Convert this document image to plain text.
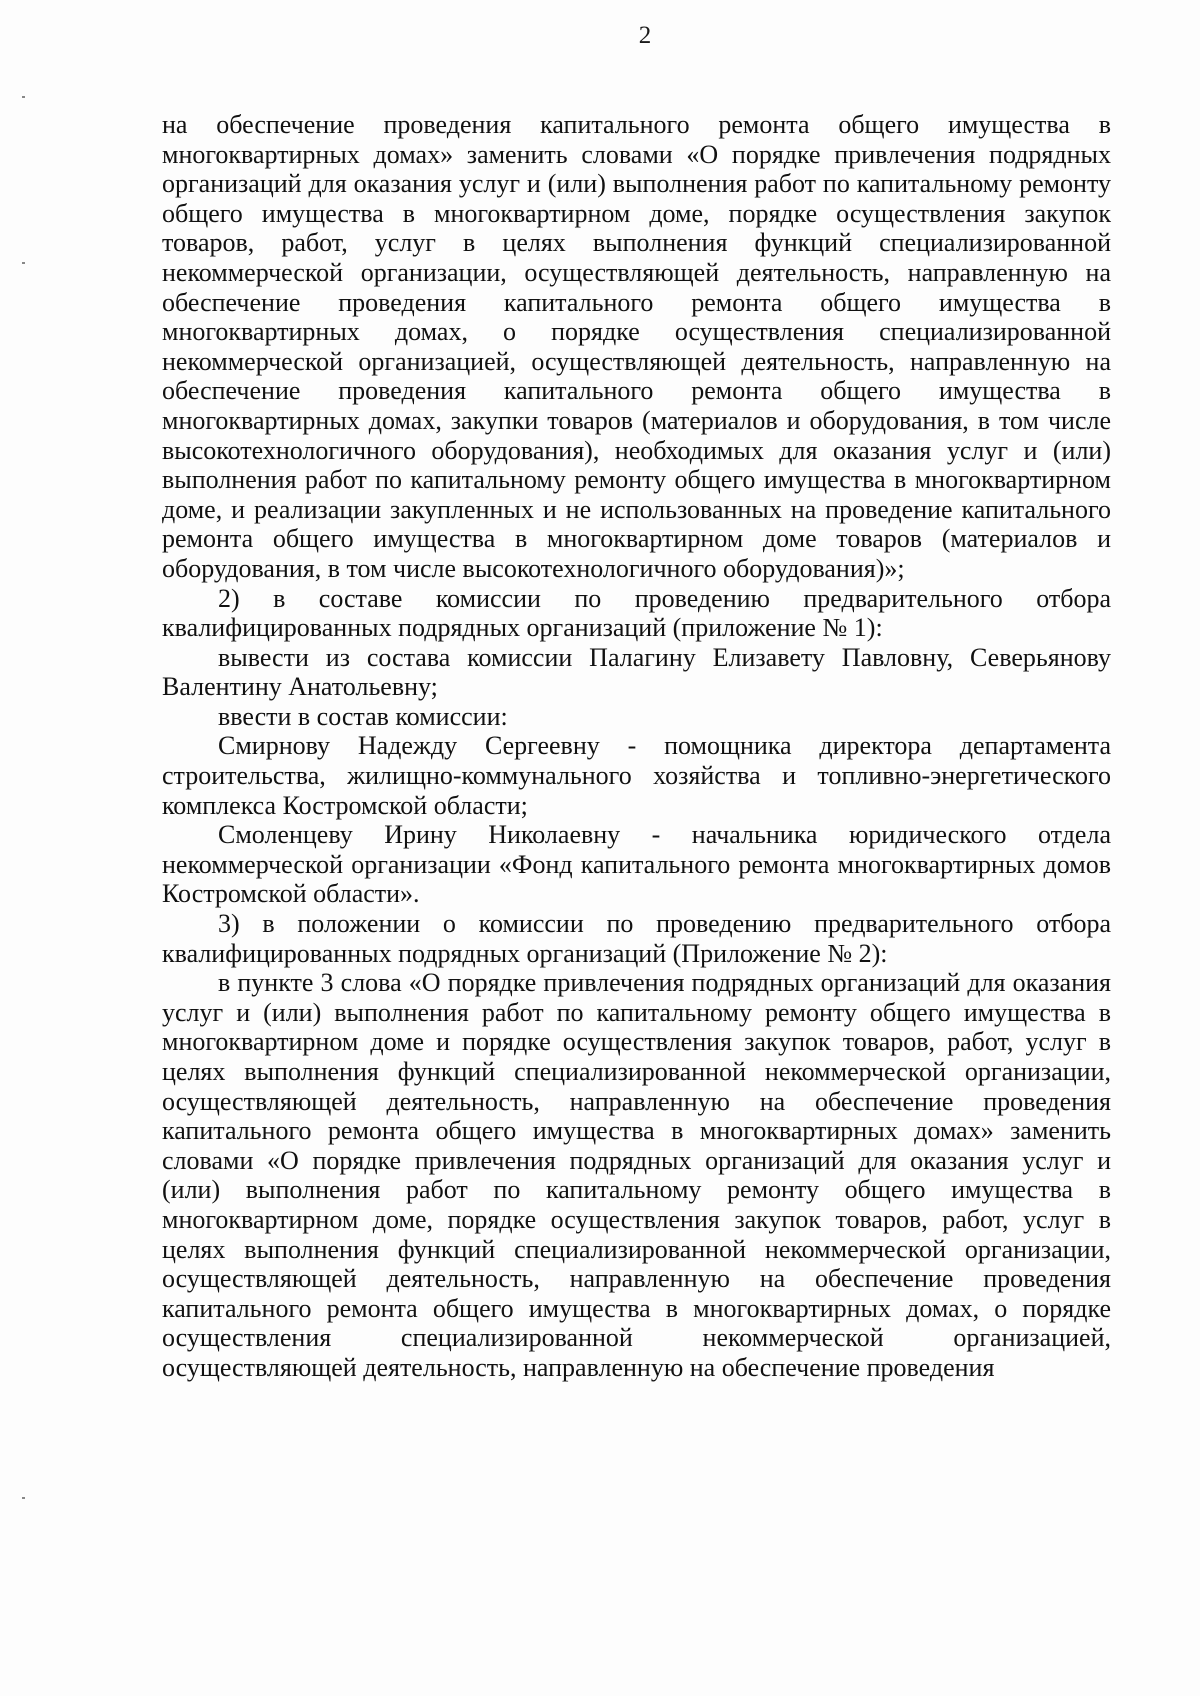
2

на обеспечение проведения капитального ремонта общего имущества в многоквартирных домах» заменить словами «О порядке привлечения подрядных организаций для оказания услуг и (или) выполнения работ по капитальному ремонту общего имущества в многоквартирном доме, порядке осуществления закупок товаров, работ, услуг в целях выполнения функций специализированной некоммерческой организации, осуществляющей деятельность, направленную на обеспечение проведения капитального ремонта общего имущества в многоквартирных домах, о порядке осуществления специализированной некоммерческой организацией, осуществляющей деятельность, направленную на обеспечение проведения капитального ремонта общего имущества в многоквартирных домах, закупки товаров (материалов и оборудования, в том числе высокотехнологичного оборудования), необходимых для оказания услуг и (или) выполнения работ по капитальному ремонту общего имущества в многоквартирном доме, и реализации закупленных и не использованных на проведение капитального ремонта общего имущества в многоквартирном доме товаров (материалов и оборудования, в том числе высокотехнологичного оборудования)»;

2) в составе комиссии по проведению предварительного отбора квалифицированных подрядных организаций (приложение № 1):

вывести из состава комиссии Палагину Елизавету Павловну, Северьянову Валентину Анатольевну;

ввести в состав комиссии:

Смирнову Надежду Сергеевну - помощника директора департамента строительства, жилищно-коммунального хозяйства и топливно-энергетического комплекса Костромской области;

Смоленцеву Ирину Николаевну - начальника юридического отдела некоммерческой организации «Фонд капитального ремонта многоквартирных домов Костромской области».

3) в положении о комиссии по проведению предварительного отбора квалифицированных подрядных организаций (Приложение № 2):

в пункте 3 слова «О порядке привлечения подрядных организаций для оказания услуг и (или) выполнения работ по капитальному ремонту общего имущества в многоквартирном доме и порядке осуществления закупок товаров, работ, услуг в целях выполнения функций специализированной некоммерческой организации, осуществляющей деятельность, направленную на обеспечение проведения капитального ремонта общего имущества в многоквартирных домах» заменить словами «О порядке привлечения подрядных организаций для оказания услуг и (или) выполнения работ по капитальному ремонту общего имущества в многоквартирном доме, порядке осуществления закупок товаров, работ, услуг в целях выполнения функций специализированной некоммерческой организации, осуществляющей деятельность, направленную на обеспечение проведения капитального ремонта общего имущества в многоквартирных домах, о порядке осуществления специализированной некоммерческой организацией, осуществляющей деятельность, направленную на обеспечение проведения
